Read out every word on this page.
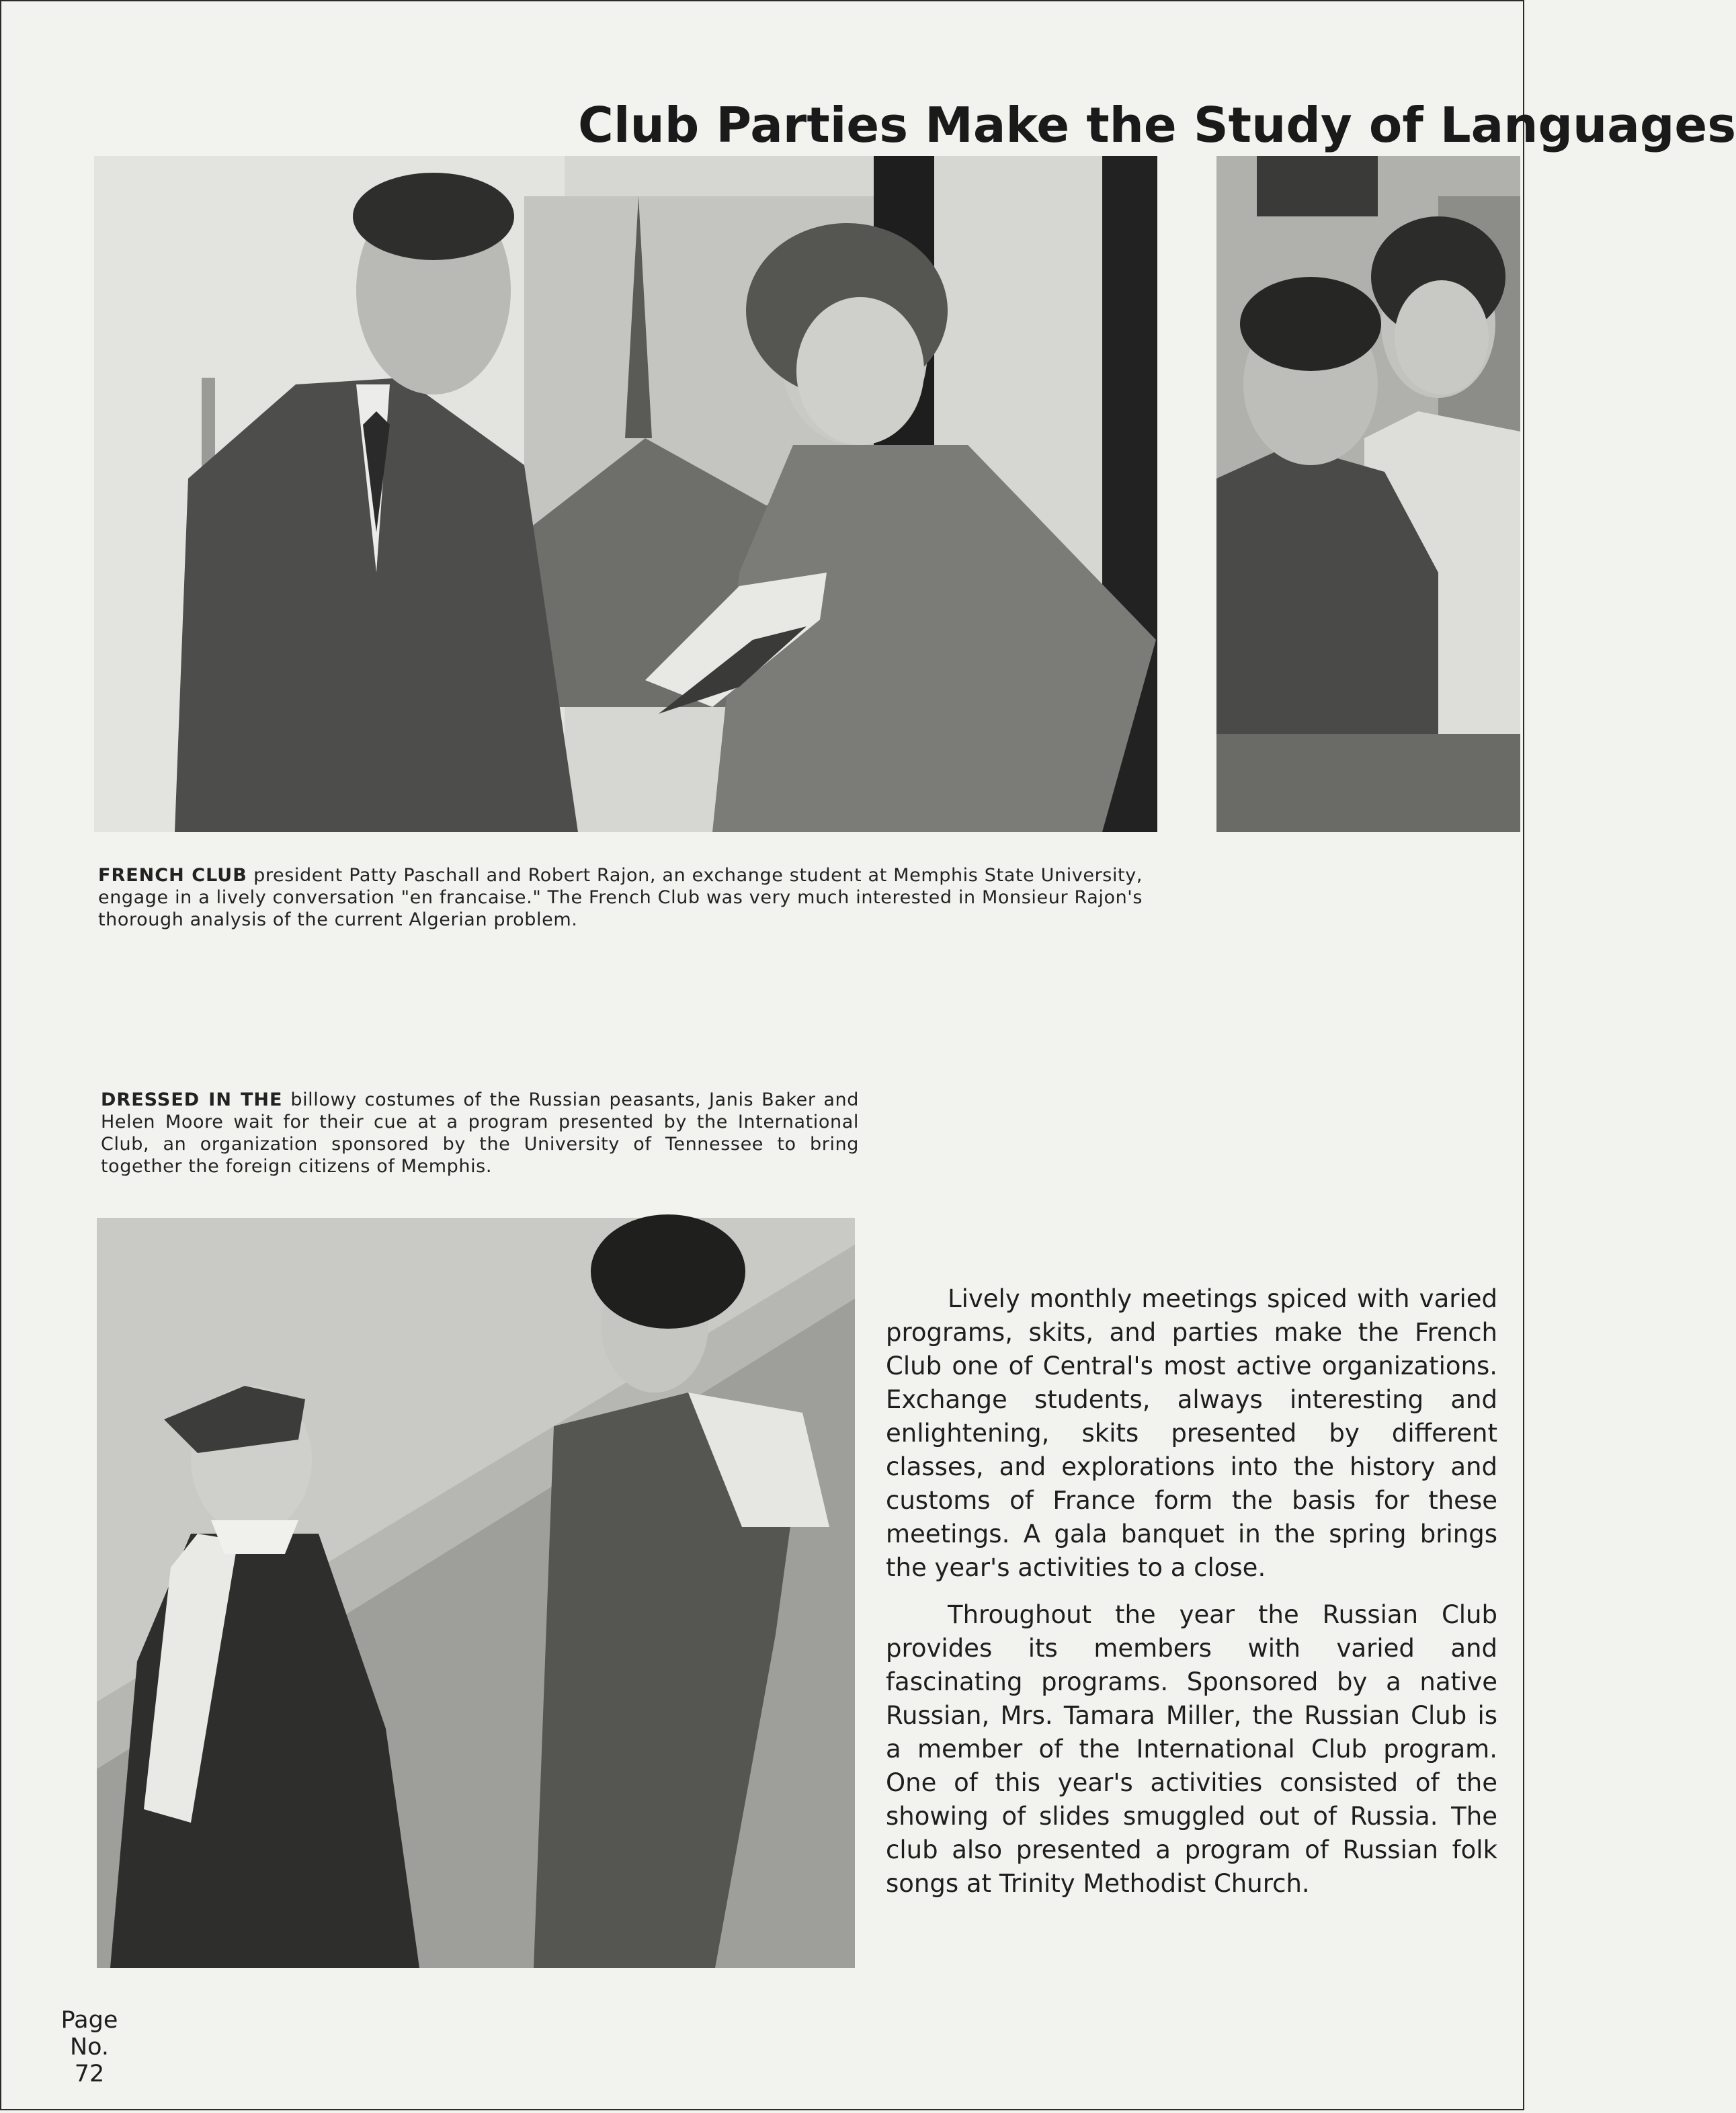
Club Parties Make the Study of Languages
FRENCH CLUB president Patty Paschall and Robert Rajon, an exchange student at Memphis State University, engage in a lively conversation "en francaise." The French Club was very much interested in Monsieur Rajon's thorough analysis of the current Algerian problem.
DRESSED IN THE billowy costumes of the Russian peasants, Janis Baker and Helen Moore wait for their cue at a program presented by the International Club, an organization sponsored by the University of Tennessee to bring together the foreign citizens of Memphis.

Lively monthly meetings spiced with varied programs, skits, and parties make the French Club one of Central's most active organizations. Exchange students, always interesting and enlightening, skits presented by different classes, and explorations into the history and customs of France form the basis for these meetings. A gala banquet in the spring brings the year's activities to a close.

Throughout the year the Russian Club provides its members with varied and fascinating programs. Sponsored by a native Russian, Mrs. Tamara Miller, the Russian Club is a member of the International Club program. One of this year's activities consisted of the showing of slides smuggled out of Russia. The club also presented a program of Russian folk songs at Trinity Methodist Church.

Page
No.
72
